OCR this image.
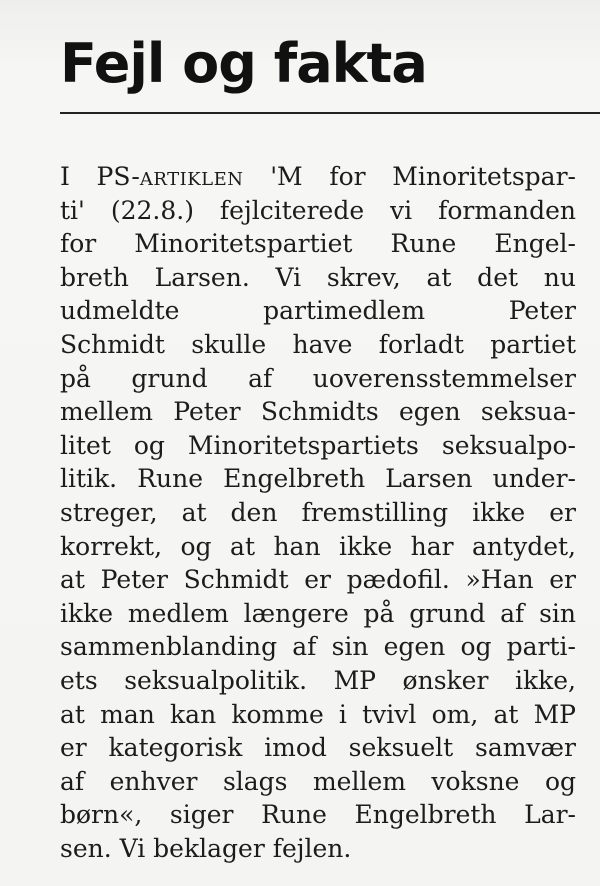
Fejl og fakta
I PS-artiklen 'M for Minoritetspar-
ti' (22.8.) fejlciterede vi formanden
for Minoritetspartiet Rune Engel-
breth Larsen. Vi skrev, at det nu
udmeldte partimedlem Peter
Schmidt skulle have forladt partiet
på grund af uoverensstemmelser
mellem Peter Schmidts egen seksua-
litet og Minoritetspartiets seksualpo-
litik. Rune Engelbreth Larsen under-
streger, at den fremstilling ikke er
korrekt, og at han ikke har antydet,
at Peter Schmidt er pædofil. »Han er
ikke medlem længere på grund af sin
sammenblanding af sin egen og parti-
ets seksualpolitik. MP ønsker ikke,
at man kan komme i tvivl om, at MP
er kategorisk imod seksuelt samvær
af enhver slags mellem voksne og
børn«, siger Rune Engelbreth Lar-
sen. Vi beklager fejlen.
